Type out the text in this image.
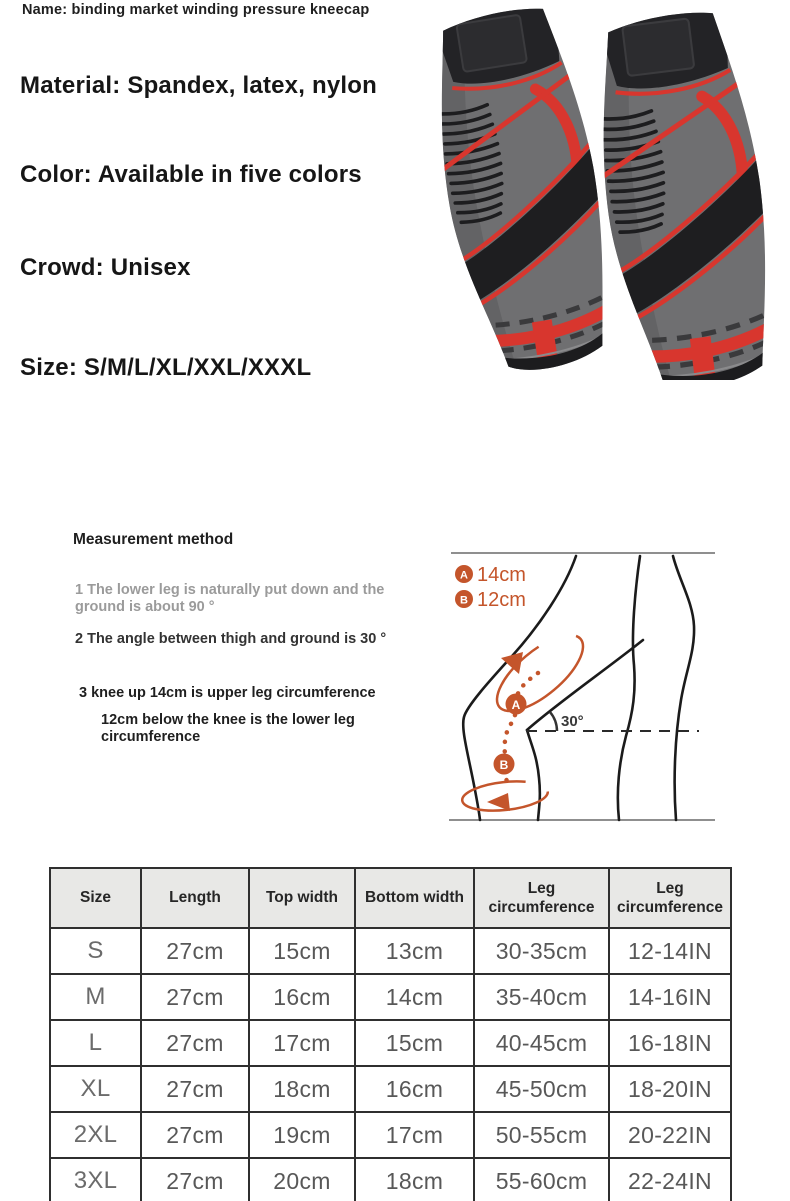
Name: binding market winding pressure kneecap
Material: Spandex, latex, nylon
Color: Available in five colors
Crowd: Unisex
Size: S/M/L/XL/XXL/XXXL
Measurement method
1 The lower leg is naturally put down and the ground is about 90 °
2 The angle between thigh and ground is 30 °
3 knee up 14cm is upper leg circumference
12cm below the knee is the lower leg circumference
30°
A
B
A 14cm
B 12cm
Size	Length	Top width	Bottom width	Leg circumference	Leg circumference
S	27cm	15cm	13cm	30-35cm	12-14IN
M	27cm	16cm	14cm	35-40cm	14-16IN
L	27cm	17cm	15cm	40-45cm	16-18IN
XL	27cm	18cm	16cm	45-50cm	18-20IN
2XL	27cm	19cm	17cm	50-55cm	20-22IN
3XL	27cm	20cm	18cm	55-60cm	22-24IN
